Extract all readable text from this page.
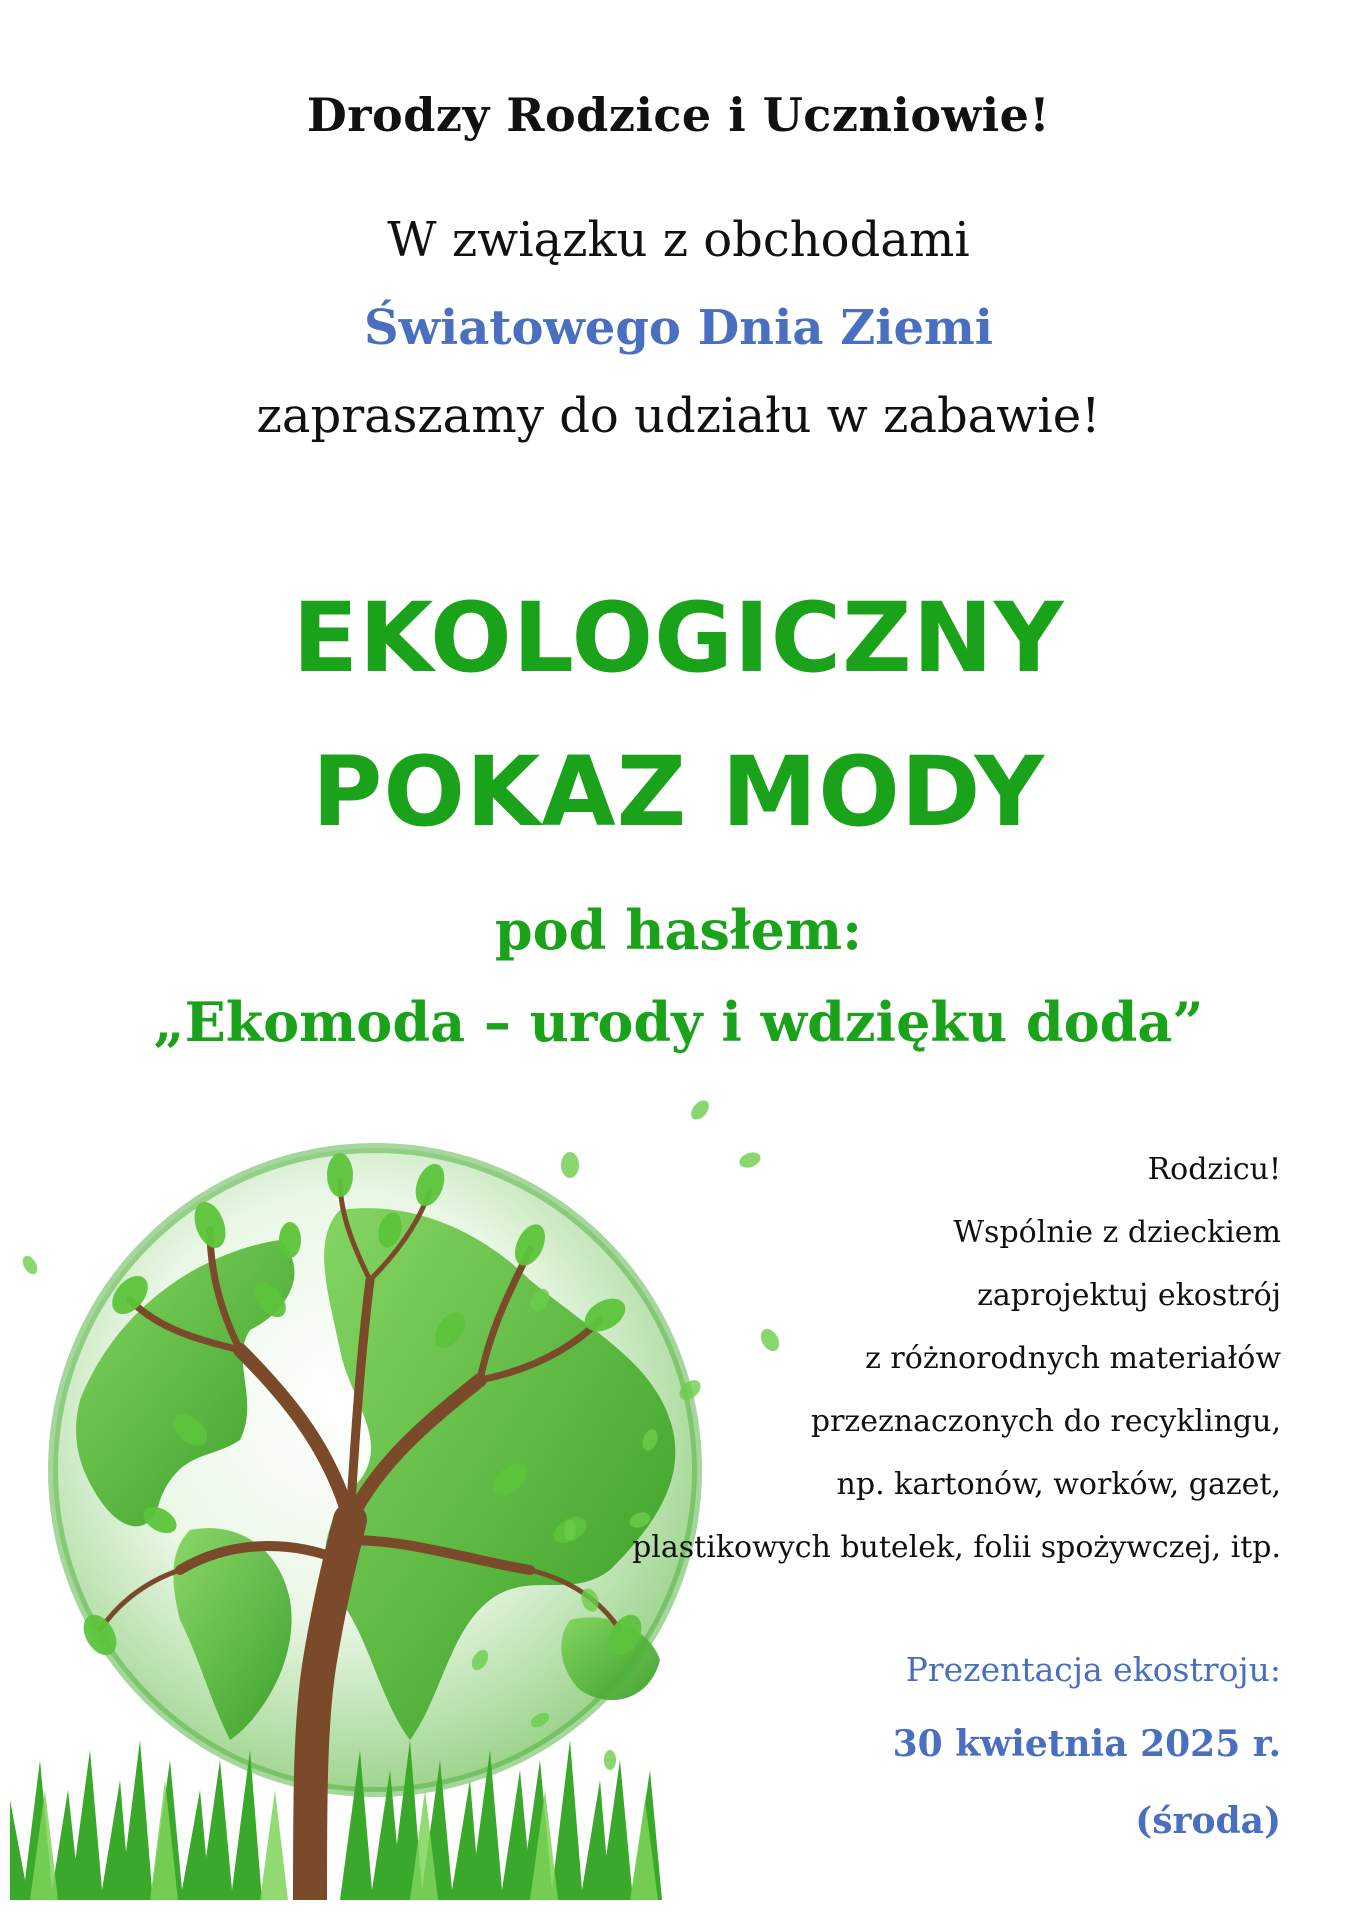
Drodzy Rodzice i Uczniowie!
W związku z obchodami
Światowego Dnia Ziemi
zapraszamy do udziału w zabawie!
EKOLOGICZNY
POKAZ MODY
pod hasłem:
„Ekomoda – urody i wdzięku doda”
Rodzicu!
Wspólnie z dzieckiem
zaprojektuj ekostrój
z różnorodnych materiałów
przeznaczonych do recyklingu,
np. kartonów, worków, gazet,
plastikowych butelek, folii spożywczej, itp.
Prezentacja ekostroju:
30 kwietnia 2025 r.
(środa)
